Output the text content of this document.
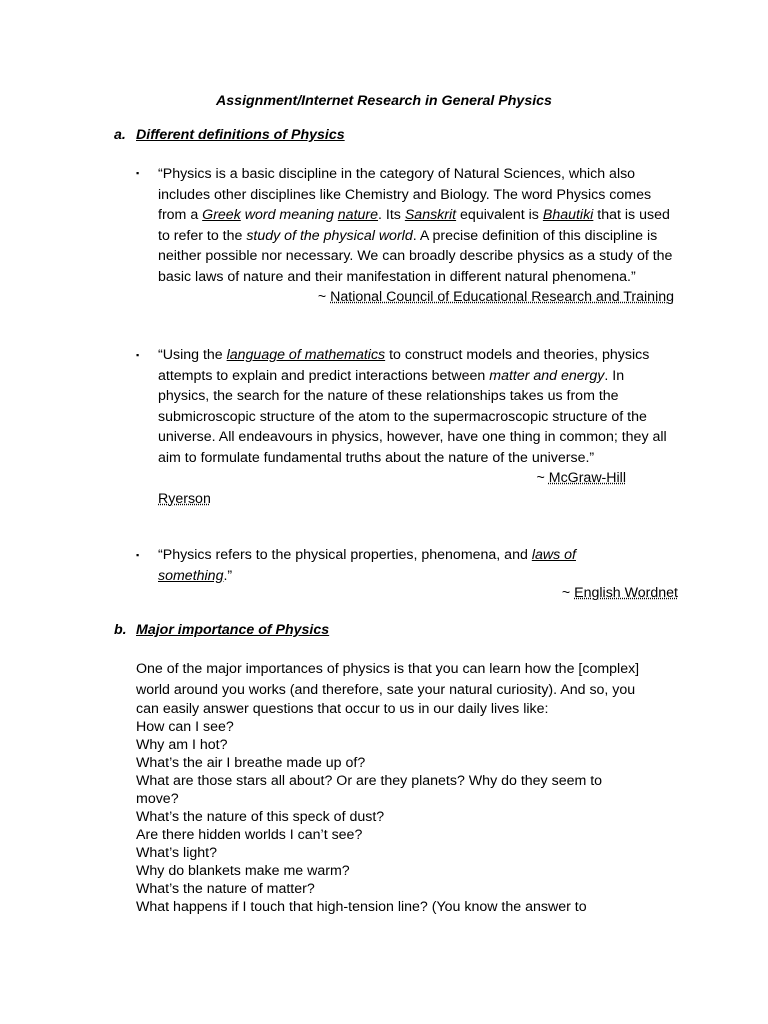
Assignment/Internet Research in General Physics
a. Different definitions of Physics
▪ “Physics is a basic discipline in the category of Natural Sciences, which also includes other disciplines like Chemistry and Biology. The word Physics comes from a Greek word meaning nature. Its Sanskrit equivalent is Bhautiki that is used to refer to the study of the physical world. A precise definition of this discipline is neither possible nor necessary. We can broadly describe physics as a study of the basic laws of nature and their manifestation in different natural phenomena.”
~ National Council of Educational Research and Training
▪ “Using the language of mathematics to construct models and theories, physics attempts to explain and predict interactions between matter and energy. In physics, the search for the nature of these relationships takes us from the submicroscopic structure of the atom to the supermacroscopic structure of the universe. All endeavours in physics, however, have one thing in common; they all aim to formulate fundamental truths about the nature of the universe.”
~ McGraw-Hill
Ryerson
▪ “Physics refers to the physical properties, phenomena, and laws of something.”
~ English Wordnet
b. Major importance of Physics
One of the major importances of physics is that you can learn how the [complex]
world around you works (and therefore, sate your natural curiosity). And so, you
can easily answer questions that occur to us in our daily lives like:
How can I see?
Why am I hot?
What’s the air I breathe made up of?
What are those stars all about? Or are they planets? Why do they seem to
move?
What’s the nature of this speck of dust?
Are there hidden worlds I can’t see?
What’s light?
Why do blankets make me warm?
What’s the nature of matter?
What happens if I touch that high-tension line? (You know the answer to
